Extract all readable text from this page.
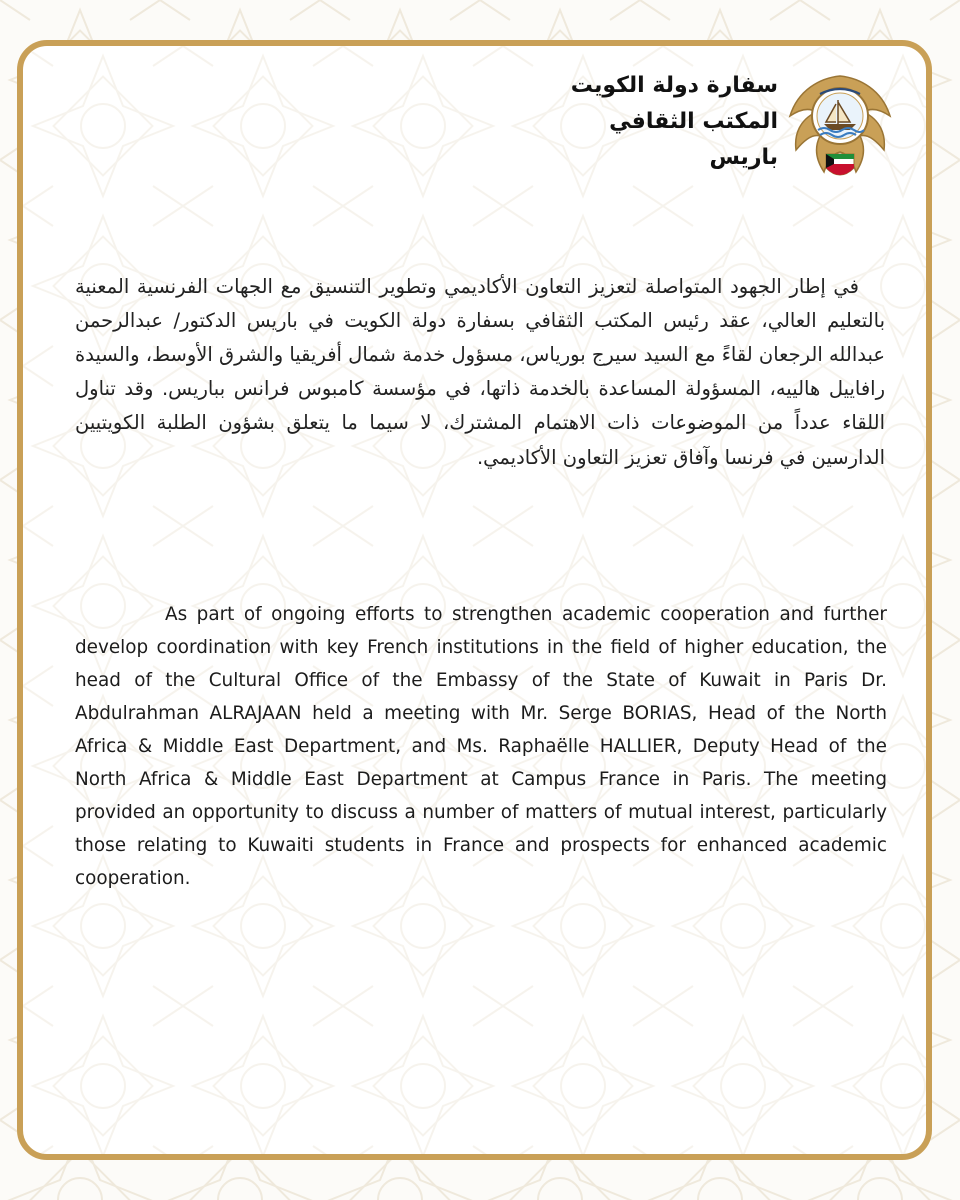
سفارة دولة الكويت
المكتب الثقافي
باريس

في إطار الجهود المتواصلة لتعزيز التعاون الأكاديمي وتطوير التنسيق مع الجهات الفرنسية المعنية بالتعليم العالي، عقد رئيس المكتب الثقافي بسفارة دولة الكويت في باريس الدكتور/ عبدالرحمن عبدالله الرجعان لقاءً مع السيد سيرج بورياس، مسؤول خدمة شمال أفريقيا والشرق الأوسط، والسيدة رافاييل هالييه، المسؤولة المساعدة بالخدمة ذاتها، في مؤسسة كامبوس فرانس بباريس. وقد تناول اللقاء عدداً من الموضوعات ذات الاهتمام المشترك، لا سيما ما يتعلق بشؤون الطلبة الكويتيين الدارسين في فرنسا وآفاق تعزيز التعاون الأكاديمي.

As part of ongoing efforts to strengthen academic cooperation and further develop coordination with key French institutions in the field of higher education, the head of the Cultural Office of the Embassy of the State of Kuwait in Paris Dr. Abdulrahman ALRAJAAN held a meeting with Mr. Serge BORIAS, Head of the North Africa & Middle East Department, and Ms. Raphaëlle HALLIER, Deputy Head of the North Africa & Middle East Department at Campus France in Paris. The meeting provided an opportunity to discuss a number of matters of mutual interest, particularly those relating to Kuwaiti students in France and prospects for enhanced academic cooperation.
